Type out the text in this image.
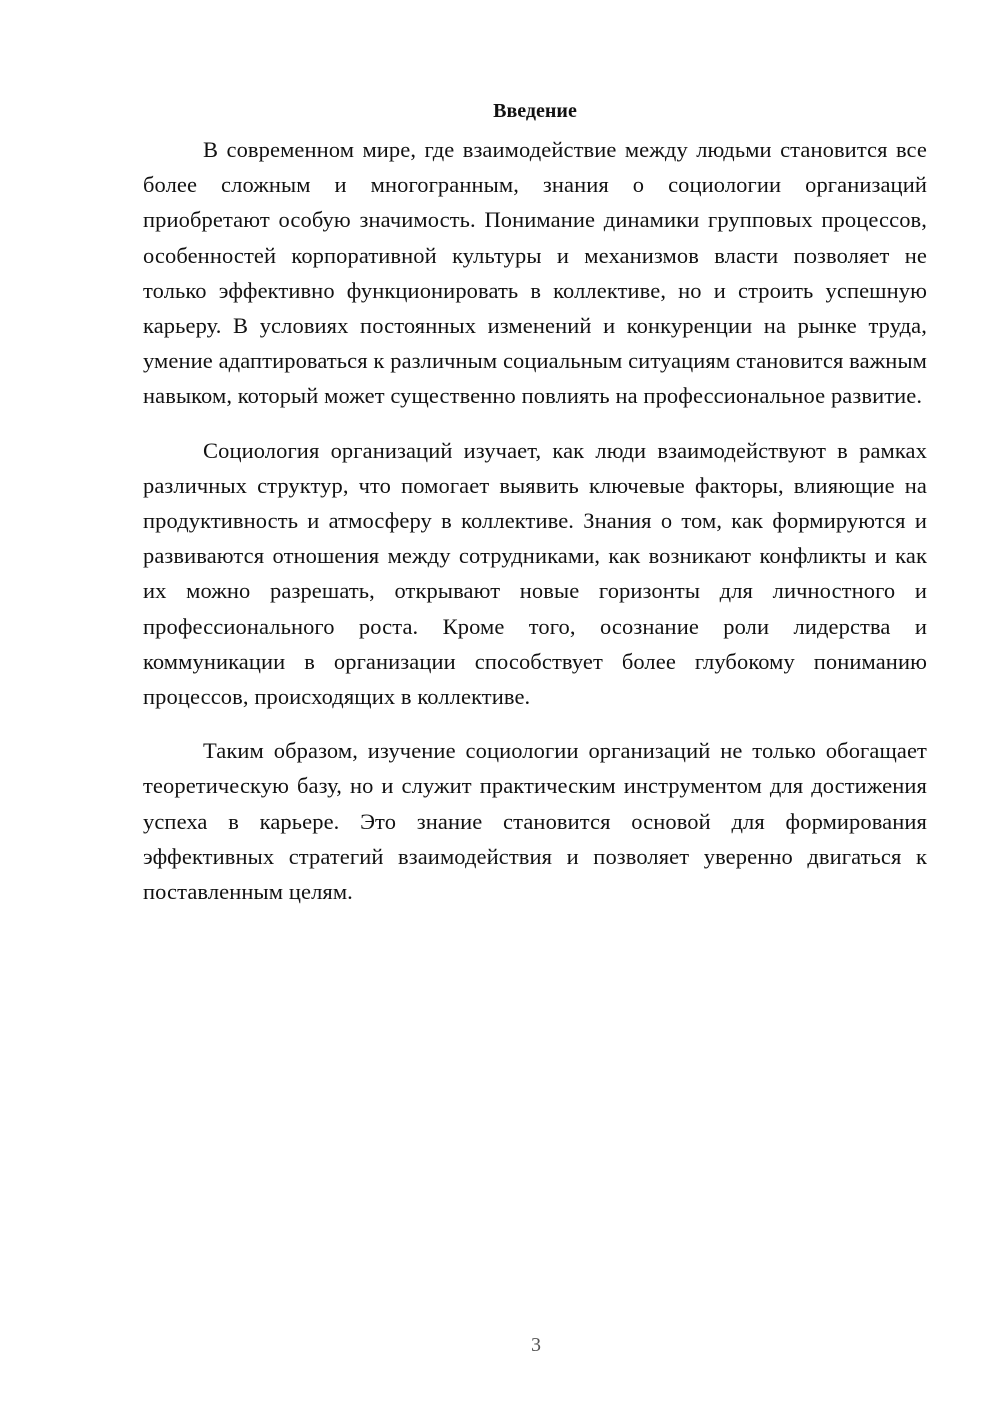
Введение

В современном мире, где взаимодействие между людьми становится все более сложным и многогранным, знания о социологии организаций приобретают особую значимость. Понимание динамики групповых процессов, особенностей корпоративной культуры и механизмов власти позволяет не только эффективно функционировать в коллективе, но и строить успешную карьеру. В условиях постоянных изменений и конкуренции на рынке труда, умение адаптироваться к различным социальным ситуациям становится важным навыком, который может существенно повлиять на профессиональное развитие.

Социология организаций изучает, как люди взаимодействуют в рамках различных структур, что помогает выявить ключевые факторы, влияющие на продуктивность и атмосферу в коллективе. Знания о том, как формируются и развиваются отношения между сотрудниками, как возникают конфликты и как их можно разрешать, открывают новые горизонты для личностного и профессионального роста. Кроме того, осознание роли лидерства и коммуникации в организации способствует более глубокому пониманию процессов, происходящих в коллективе.

Таким образом, изучение социологии организаций не только обогащает теоретическую базу, но и служит практическим инструментом для достижения успеха в карьере. Это знание становится основой для формирования эффективных стратегий взаимодействия и позволяет уверенно двигаться к поставленным целям.

3
